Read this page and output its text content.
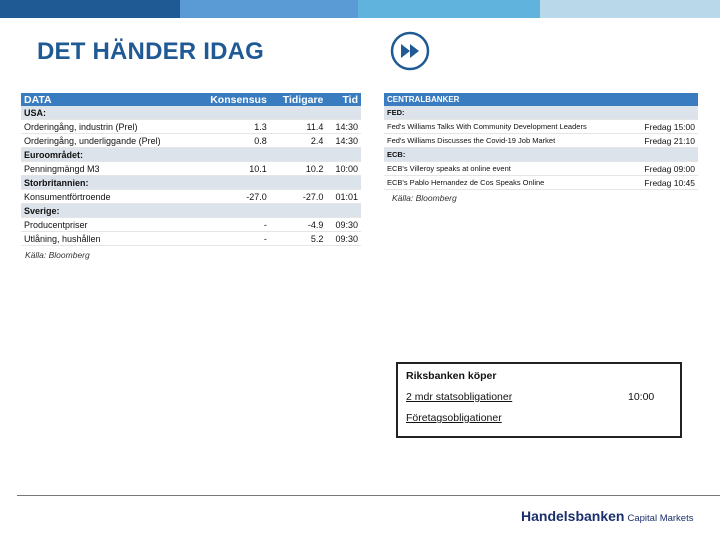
DET HÄNDER IDAG
DATA	Konsensus	Tidigare	Tid
USA:			
Orderingång, industrin (Prel)	1.3	11.4	14:30
Orderingång, underliggande (Prel)	0.8	2.4	14:30
Euroområdet:			
Penningmängd M3	10.1	10.2	10:00
Storbritannien:			
Konsumentförtroende	-27.0	-27.0	01:01
Sverige:			
Producentpriser	-	-4.9	09:30
Utlåning, hushållen	-	5.2	09:30
Källa: Bloomberg
CENTRALBANKER	
FED:	
Fed's Williams Talks With Community Development Leaders	Fredag 15:00
Fed's Williams Discusses the Covid-19 Job Market	Fredag 21:10
ECB:	
ECB's Villeroy speaks at online event	Fredag 09:00
ECB's Pablo Hernandez de Cos Speaks Online	Fredag 10:45
Källa: Bloomberg
Riksbanken köper
2 mdr statsobligationer	10:00
Företagsobligationer
Handelsbanken Capital Markets
